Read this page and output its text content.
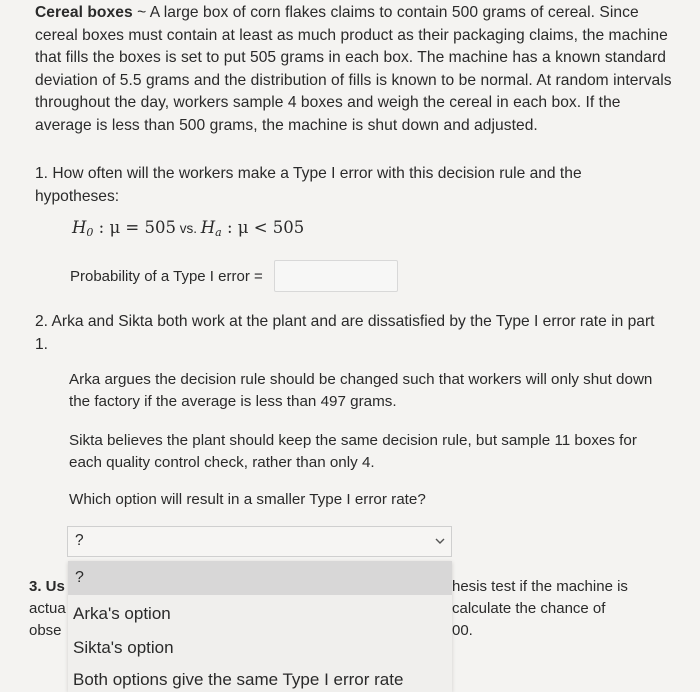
Cereal boxes ~ A large box of corn flakes claims to contain 500 grams of cereal. Since cereal boxes must contain at least as much product as their packaging claims, the machine that fills the boxes is set to put 505 grams in each box. The machine has a known standard deviation of 5.5 grams and the distribution of fills is known to be normal. At random intervals throughout the day, workers sample 4 boxes and weigh the cereal in each box. If the average is less than 500 grams, the machine is shut down and adjusted.
1. How often will the workers make a Type I error with this decision rule and the hypotheses:
$H_0$ : μ = 505 vs. $H_a$ : μ < 505
Probability of a Type I error =
2. Arka and Sikta both work at the plant and are dissatisfied by the Type I error rate in part 1.
Arka argues the decision rule should be changed such that workers will only shut down the factory if the average is less than 497 grams.
Sikta believes the plant should keep the same decision rule, but sample 11 boxes for each quality control check, rather than only 4.
Which option will result in a smaller Type I error rate?
?
3. Us
actua
obse
hesis test if the machine is
calculate the chance of
00.
?
Arka's option
Sikta's option
Both options give the same Type I error rate
